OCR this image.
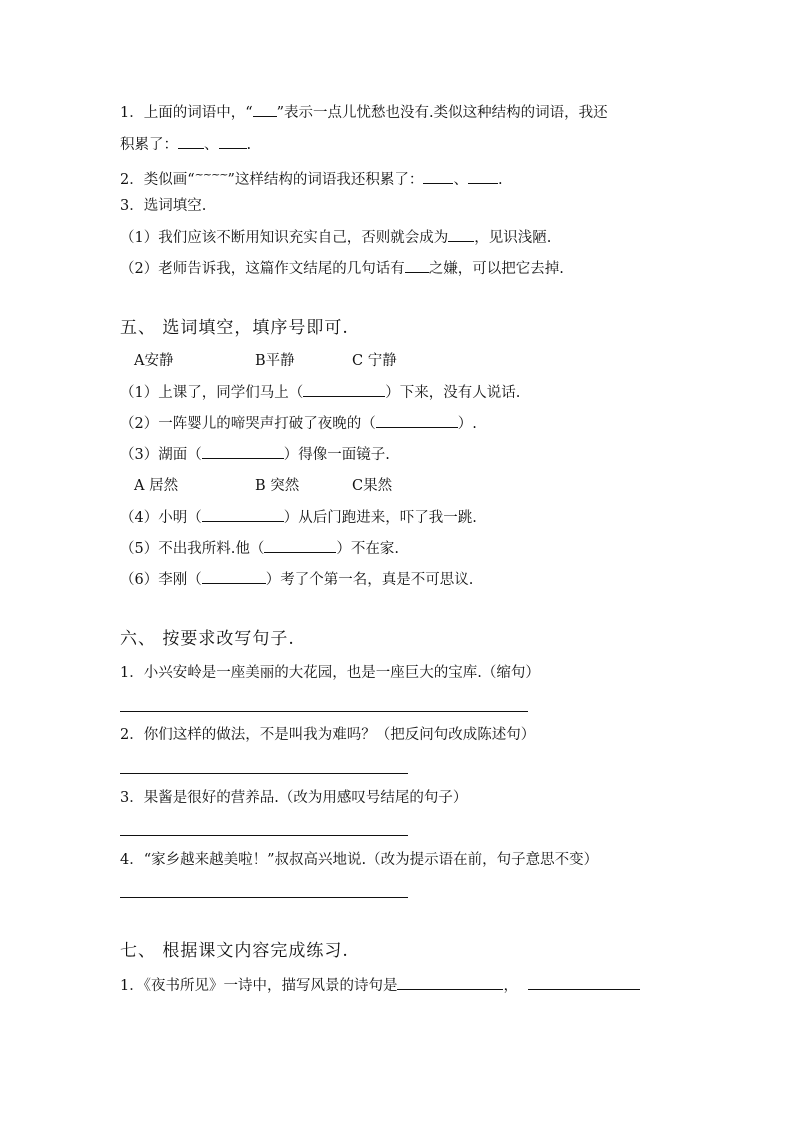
1．上面的词语中，“ ”表示一点儿忧愁也没有.类似这种结构的词语，我还
积累了： 、 .
2．类似画“~~~~”这样结构的词语我还积累了： 、 .
3．选词填空.
（1）我们应该不断用知识充实自己，否则就会成为 ，见识浅陋.
（2）老师告诉我，这篇作文结尾的几句话有 之嫌，可以把它去掉.
五、 选词填空，填序号即可.
A安静	B平静	C 宁静
（1）上课了，同学们马上（	）下来，没有人说话.
（2）一阵婴儿的啼哭声打破了夜晚的（	）.
（3）湖面（	）得像一面镜子.
A 居然	B 突然	C果然
（4）小明（	）从后门跑进来，吓了我一跳.
（5）不出我所料.他（	）不在家.
（6）李刚（	）考了个第一名，真是不可思议.
六、 按要求改写句子.
1．小兴安岭是一座美丽的大花园，也是一座巨大的宝库.（缩句）
2．你们这样的做法，不是叫我为难吗？（把反问句改成陈述句）
3．果酱是很好的营养品.（改为用感叹号结尾的句子）
4．“家乡越来越美啦！”叔叔高兴地说.（改为提示语在前，句子意思不变）
七、 根据课文内容完成练习.
1．《夜书所见》一诗中，描写风景的诗句是	，
